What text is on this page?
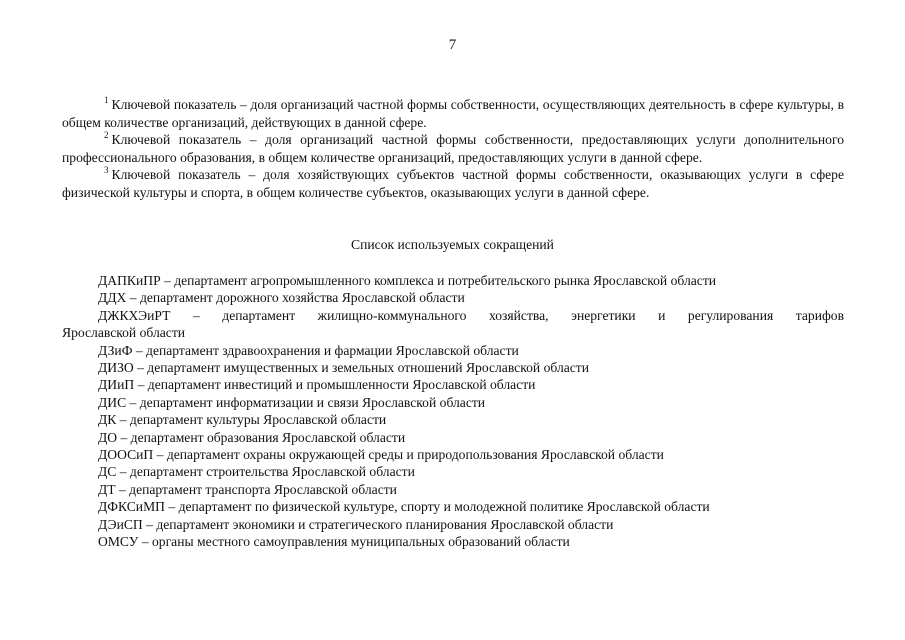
7

$^1$ Ключевой показатель – доля организаций частной формы собственности, осуществляющих деятельность в сфере культуры, в общем количестве организаций, действующих в данной сфере.

$^2$ Ключевой показатель – доля организаций частной формы собственности, предоставляющих услуги дополнительного профессионального образования, в общем количестве организаций, предоставляющих услуги в данной сфере.

$^3$ Ключевой показатель – доля хозяйствующих субъектов частной формы собственности, оказывающих услуги в сфере физической культуры и спорта, в общем количестве субъектов, оказывающих услуги в данной сфере.

Список используемых сокращений
ДАПКиПР – департамент агропромышленного комплекса и потребительского рынка Ярославской области
ДДХ – департамент дорожного хозяйства Ярославской области
ДЖКХЭиРТ – департамент жилищно-коммунального хозяйства, энергетики и регулирования тарифов
Ярославской области
ДЗиФ – департамент здравоохранения и фармации Ярославской области
ДИЗО – департамент имущественных и земельных отношений Ярославской области
ДИиП – департамент инвестиций и промышленности Ярославской области
ДИС – департамент информатизации и связи Ярославской области
ДК – департамент культуры Ярославской области
ДО – департамент образования Ярославской области
ДООСиП – департамент охраны окружающей среды и природопользования Ярославской области
ДС – департамент строительства Ярославской области
ДТ – департамент транспорта Ярославской области
ДФКСиМП – департамент по физической культуре, спорту и молодежной политике Ярославской области
ДЭиСП – департамент экономики и стратегического планирования Ярославской области
ОМСУ – органы местного самоуправления муниципальных образований области
